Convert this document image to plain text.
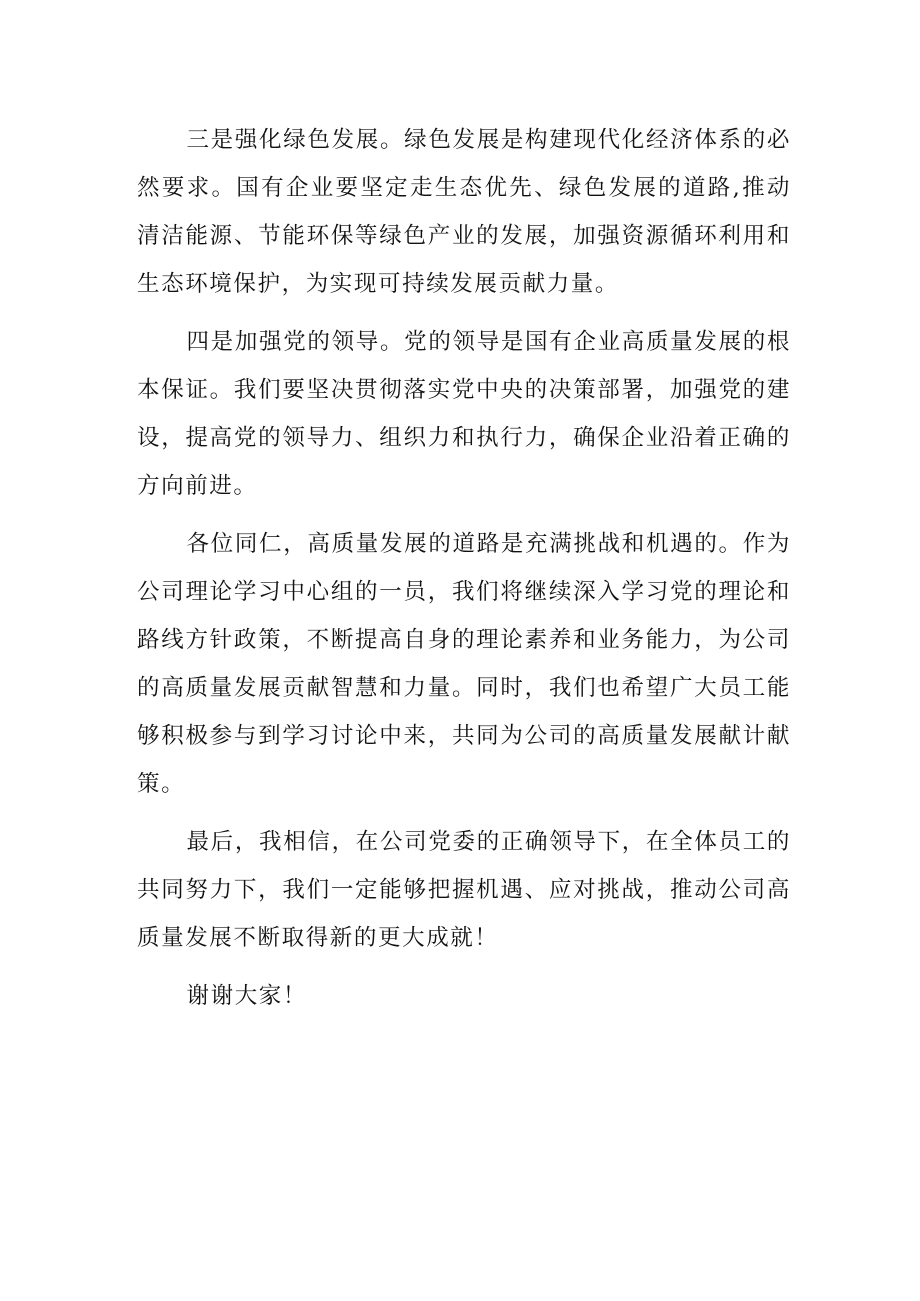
三是强化绿色发展。绿色发展是构建现代化经济体系的必然要求。国有企业要坚定走生态优先、绿色发展的道路,推动清洁能源、节能环保等绿色产业的发展，加强资源循环利用和生态环境保护，为实现可持续发展贡献力量。

四是加强党的领导。党的领导是国有企业高质量发展的根本保证。我们要坚决贯彻落实党中央的决策部署，加强党的建设，提高党的领导力、组织力和执行力，确保企业沿着正确的方向前进。

各位同仁，高质量发展的道路是充满挑战和机遇的。作为公司理论学习中心组的一员，我们将继续深入学习党的理论和路线方针政策，不断提高自身的理论素养和业务能力，为公司的高质量发展贡献智慧和力量。同时，我们也希望广大员工能够积极参与到学习讨论中来，共同为公司的高质量发展献计献策。

最后，我相信，在公司党委的正确领导下，在全体员工的共同努力下，我们一定能够把握机遇、应对挑战，推动公司高质量发展不断取得新的更大成就！

谢谢大家！
